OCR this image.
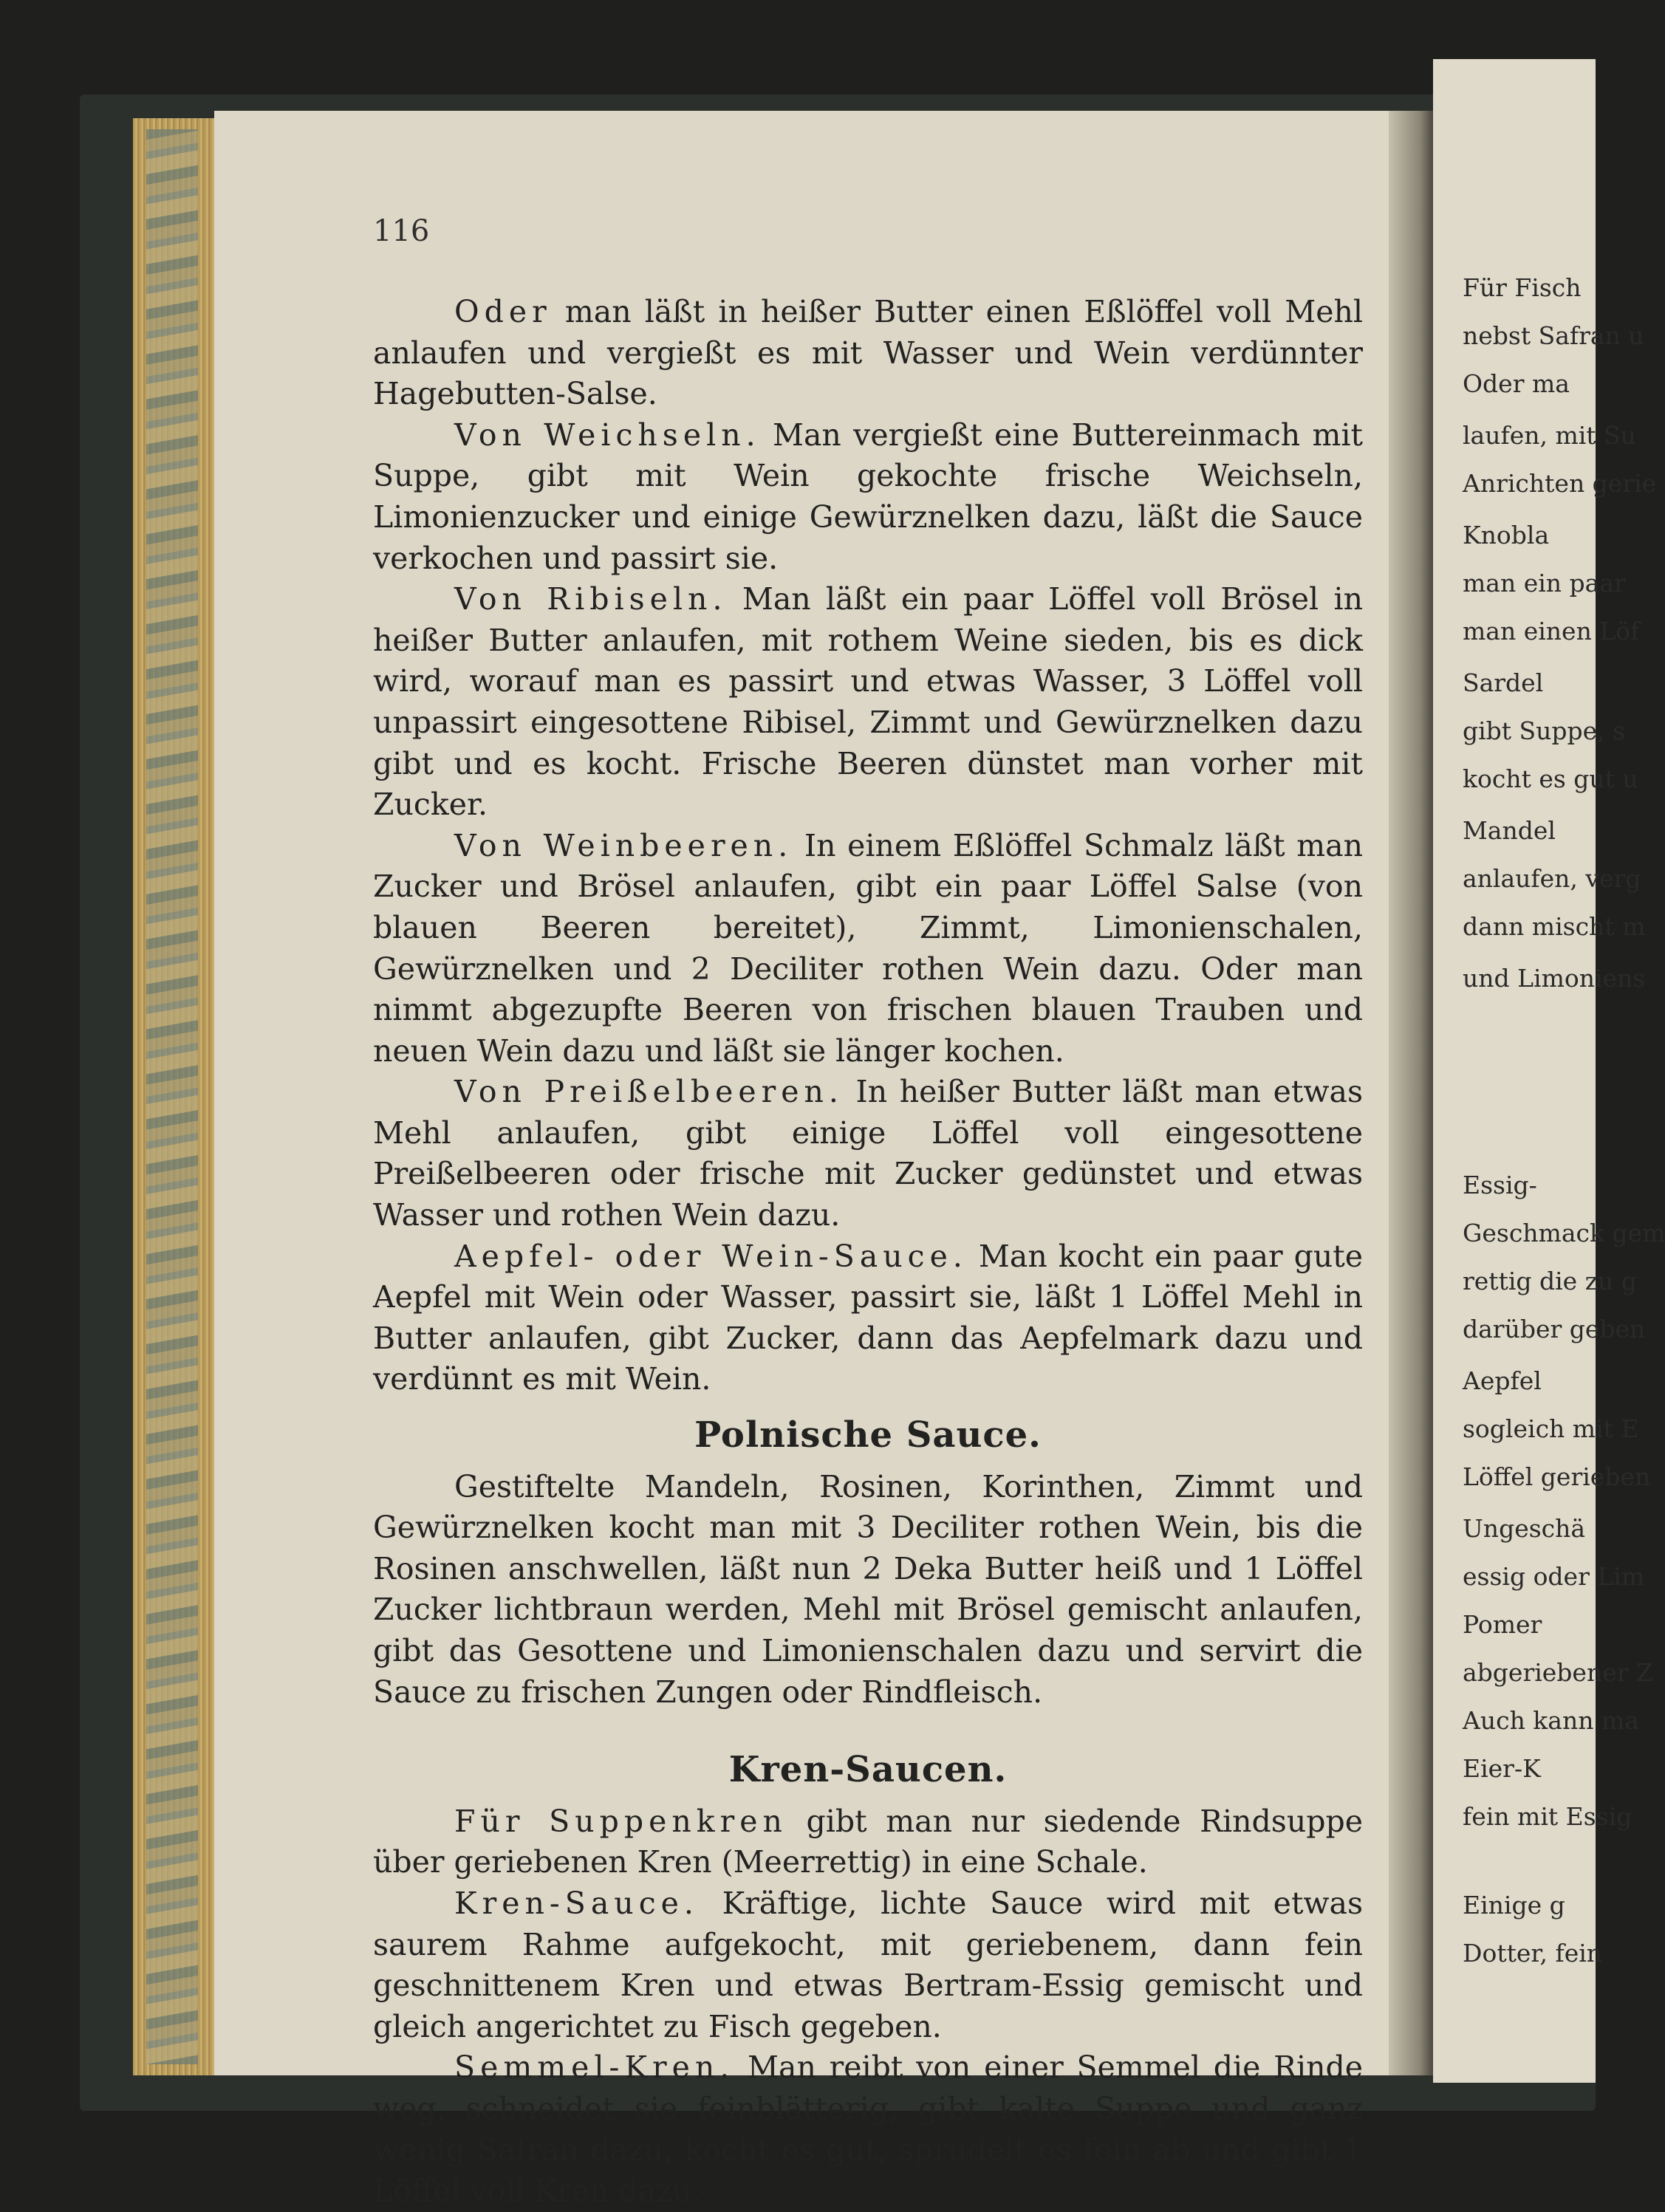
Für Fisch
nebst Safran u
Oder ma
laufen, mit Su
Anrichten gerie
Knobla
man ein paar
man einen Löf
Sardel
gibt Suppe, s
kocht es gut u
Mandel
anlaufen, verg
dann mischt m
und Limoniens
Essig-
Geschmack gem
rettig die zu g
darüber geben
Aepfel
sogleich mit E
Löffel gerieben
Ungeschä
essig oder Lim
Pomer
abgeriebener Z
Auch kann ma
Eier-K
fein mit Essig
Einige g
Dotter, fein
116

Oder man läßt in heißer Butter einen Eßlöffel voll Mehl anlaufen und vergießt es mit Wasser und Wein verdünnter Hagebutten-Salse.

Von Weichseln. Man vergießt eine Buttereinmach mit Suppe, gibt mit Wein gekochte frische Weichseln, Limonienzucker und einige Gewürznelken dazu, läßt die Sauce verkochen und passirt sie.

Von Ribiseln. Man läßt ein paar Löffel voll Brösel in heißer Butter anlaufen, mit rothem Weine sieden, bis es dick wird, worauf man es passirt und etwas Wasser, 3 Löffel voll unpassirt eingesottene Ribisel, Zimmt und Gewürznelken dazu gibt und es kocht. Frische Beeren dünstet man vorher mit Zucker.

Von Weinbeeren. In einem Eßlöffel Schmalz läßt man Zucker und Brösel anlaufen, gibt ein paar Löffel Salse (von blauen Beeren bereitet), Zimmt, Limonienschalen, Gewürznelken und 2 Deciliter rothen Wein dazu. Oder man nimmt abgezupfte Beeren von frischen blauen Trauben und neuen Wein dazu und läßt sie länger kochen.

Von Preißelbeeren. In heißer Butter läßt man etwas Mehl anlaufen, gibt einige Löffel voll eingesottene Preißelbeeren oder frische mit Zucker gedünstet und etwas Wasser und rothen Wein dazu.

Aepfel- oder Wein-Sauce. Man kocht ein paar gute Aepfel mit Wein oder Wasser, passirt sie, läßt 1 Löffel Mehl in Butter anlaufen, gibt Zucker, dann das Aepfelmark dazu und verdünnt es mit Wein.

Polnische Sauce.

Gestiftelte Mandeln, Rosinen, Korinthen, Zimmt und Gewürznelken kocht man mit 3 Deciliter rothen Wein, bis die Rosinen anschwellen, läßt nun 2 Deka Butter heiß und 1 Löffel Zucker lichtbraun werden, Mehl mit Brösel gemischt anlaufen, gibt das Gesottene und Limonienschalen dazu und servirt die Sauce zu frischen Zungen oder Rindfleisch.

Kren-Saucen.

Für Suppenkren gibt man nur siedende Rindsuppe über geriebenen Kren (Meerrettig) in eine Schale.

Kren-Sauce. Kräftige, lichte Sauce wird mit etwas saurem Rahme aufgekocht, mit geriebenem, dann fein geschnittenem Kren und etwas Bertram-Essig gemischt und gleich angerichtet zu Fisch gegeben.

Semmel-Kren. Man reibt von einer Semmel die Rinde weg, schneidet sie feinblätterig, gibt kalte Suppe und ganz wenig Safran dazu, kocht es gut, sprudelt es fein ab und gibt 1 Löffel voll Kren dazu.
